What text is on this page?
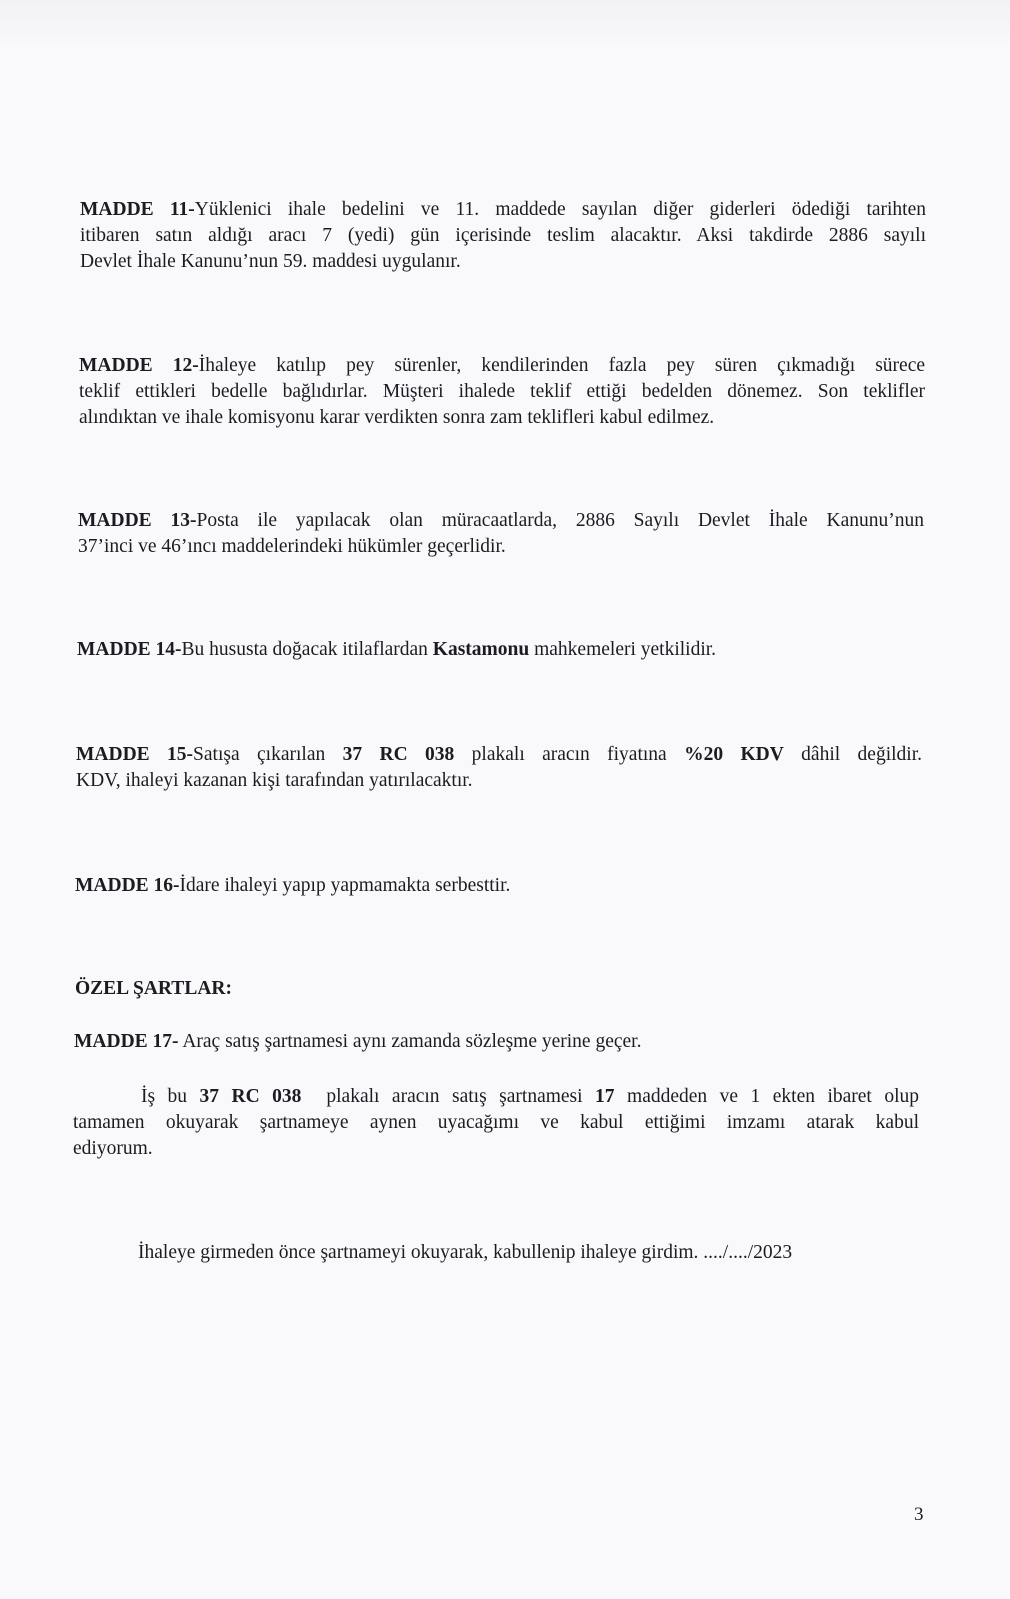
MADDE 11-Yüklenici ihale bedelini ve 11. maddede sayılan diğer giderleri ödediği tarihten
itibaren satın aldığı aracı 7 (yedi) gün içerisinde teslim alacaktır. Aksi takdirde 2886 sayılı
Devlet İhale Kanunu’nun 59. maddesi uygulanır.
MADDE 12-İhaleye katılıp pey sürenler, kendilerinden fazla pey süren çıkmadığı sürece
teklif ettikleri bedelle bağlıdırlar. Müşteri ihalede teklif ettiği bedelden dönemez. Son teklifler
alındıktan ve ihale komisyonu karar verdikten sonra zam teklifleri kabul edilmez.
MADDE 13-Posta ile yapılacak olan müracaatlarda, 2886 Sayılı Devlet İhale Kanunu’nun
37’inci ve 46’ıncı maddelerindeki hükümler geçerlidir.
MADDE 14-Bu hususta doğacak itilaflardan Kastamonu mahkemeleri yetkilidir.
MADDE 15-Satışa çıkarılan 37 RC 038 plakalı aracın fiyatına %20 KDV dâhil değildir.
KDV, ihaleyi kazanan kişi tarafından yatırılacaktır.
MADDE 16-İdare ihaleyi yapıp yapmamakta serbesttir.
ÖZEL ŞARTLAR:
MADDE 17- Araç satış şartnamesi aynı zamanda sözleşme yerine geçer.
İş bu 37 RC 038  plakalı aracın satış şartnamesi 17 maddeden ve 1 ekten ibaret olup
tamamen okuyarak şartnameye aynen uyacağımı ve kabul ettiğimi imzamı atarak kabul
ediyorum.
İhaleye girmeden önce şartnameyi okuyarak, kabullenip ihaleye girdim. ..../..../2023
3
